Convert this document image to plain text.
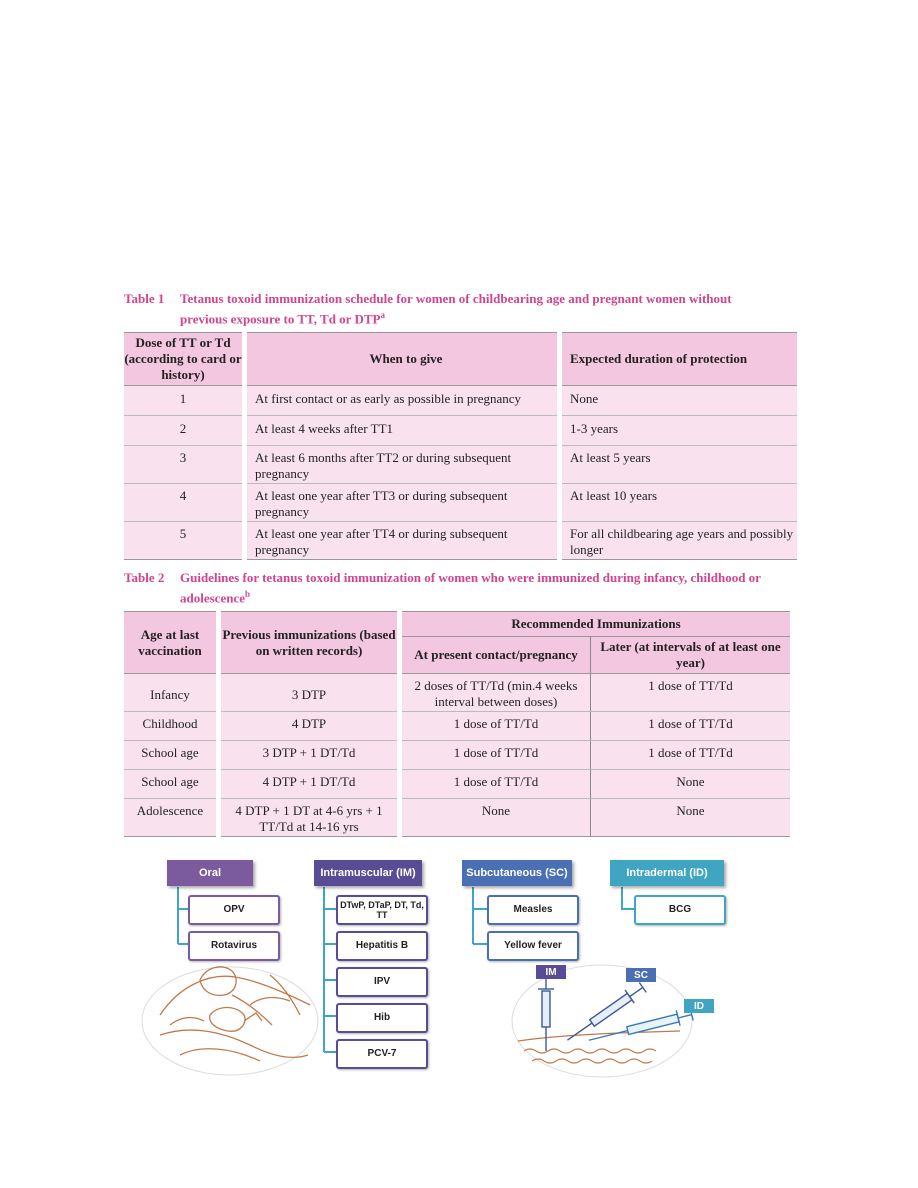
Table 1 Tetanus toxoid immunization schedule for women of childbearing age and pregnant women without previous exposure to TT, Td or DTP$^a$
Dose of TT or Td (according to card or history)	When to give	Expected duration of protection
1	At first contact or as early as possible in pregnancy	None
2	At least 4 weeks after TT1	1-3 years
3	At least 6 months after TT2 or during subsequent pregnancy	At least 5 years
4	At least one year after TT3 or during subsequent pregnancy	At least 10 years
5	At least one year after TT4 or during subsequent pregnancy	For all childbearing age years and possibly longer
Table 2 Guidelines for tetanus toxoid immunization of women who were immunized during infancy, childhood or adolescence$^b$
Age at last vaccination	Previous immunizations (based on written records)	Recommended Immunizations	
		At present contact/pregnancy	Later (at intervals of at least one year)
Infancy	3 DTP	2 doses of TT/Td (min.4 weeks interval between doses)	1 dose of TT/Td
Childhood	4 DTP	1 dose of TT/Td	1 dose of TT/Td
School age	3 DTP + 1 DT/Td	1 dose of TT/Td	1 dose of TT/Td
School age	4 DTP + 1 DT/Td	1 dose of TT/Td	None
Adolescence	4 DTP + 1 DT at 4-6 yrs + 1 TT/Td at 14-16 yrs	None	None
Oral	Intramuscular (IM)	Subcutaneous (SC)	Intradermal (ID)
OPV
Rotavirus
DTwP, DTaP, DT, Td, TT
Hepatitis B
IPV
Hib
PCV-7
Measles
Yellow fever
BCG
IM	SC
ID
